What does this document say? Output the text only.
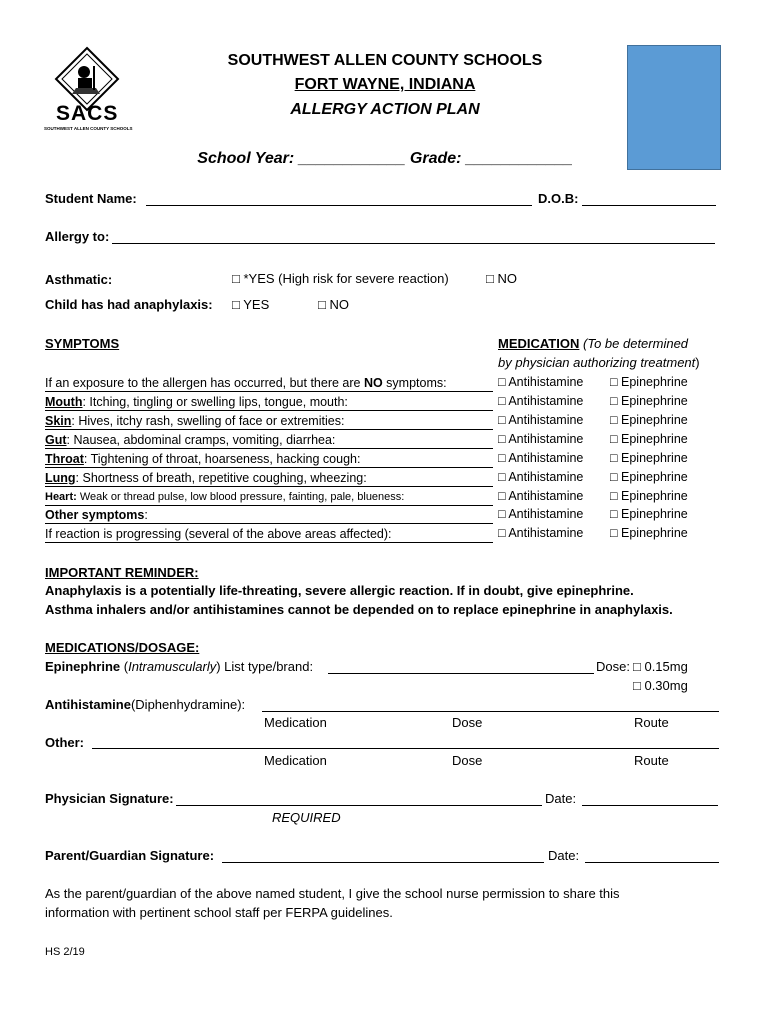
SACS
SOUTHWEST ALLEN COUNTY SCHOOLS
SOUTHWEST ALLEN COUNTY SCHOOLS
FORT WAYNE, INDIANA
ALLERGY ACTION PLAN
School Year: ____________ Grade: ____________
Student Name:	D.O.B:
Allergy to:
Asthmatic:	□ *YES (High risk for severe reaction)	□ NO
Child has had anaphylaxis: □ YES	□ NO
SYMPTOMS	MEDICATION (To be determined
by physician authorizing treatment)
If an exposure to the allergen has occurred, but there are NO symptoms:	□ Antihistamine □ Epinephrine
Mouth: Itching, tingling or swelling lips, tongue, mouth:	□ Antihistamine □ Epinephrine
Skin: Hives, itchy rash, swelling of face or extremities:	□ Antihistamine □ Epinephrine
Gut: Nausea, abdominal cramps, vomiting, diarrhea:	□ Antihistamine □ Epinephrine
Throat: Tightening of throat, hoarseness, hacking cough:	□ Antihistamine □ Epinephrine
Lung: Shortness of breath, repetitive coughing, wheezing:	□ Antihistamine □ Epinephrine
Heart: Weak or thread pulse, low blood pressure, fainting, pale, blueness:	□ Antihistamine □ Epinephrine
Other symptoms:	□ Antihistamine □ Epinephrine
If reaction is progressing (several of the above areas affected):	□ Antihistamine □ Epinephrine
IMPORTANT REMINDER:
Anaphylaxis is a potentially life-threating, severe allergic reaction. If in doubt, give epinephrine.
Asthma inhalers and/or antihistamines cannot be depended on to replace epinephrine in anaphylaxis.
MEDICATIONS/DOSAGE:
Epinephrine (Intramuscularly) List type/brand:	Dose: □ 0.15mg
□ 0.30mg
Antihistamine(Diphenhydramine):
Medication	Dose	Route
Other:
Medication	Dose	Route
Physician Signature:	Date:
REQUIRED
Parent/Guardian Signature:	Date:
As the parent/guardian of the above named student, I give the school nurse permission to share this
information with pertinent school staff per FERPA guidelines.
HS 2/19
